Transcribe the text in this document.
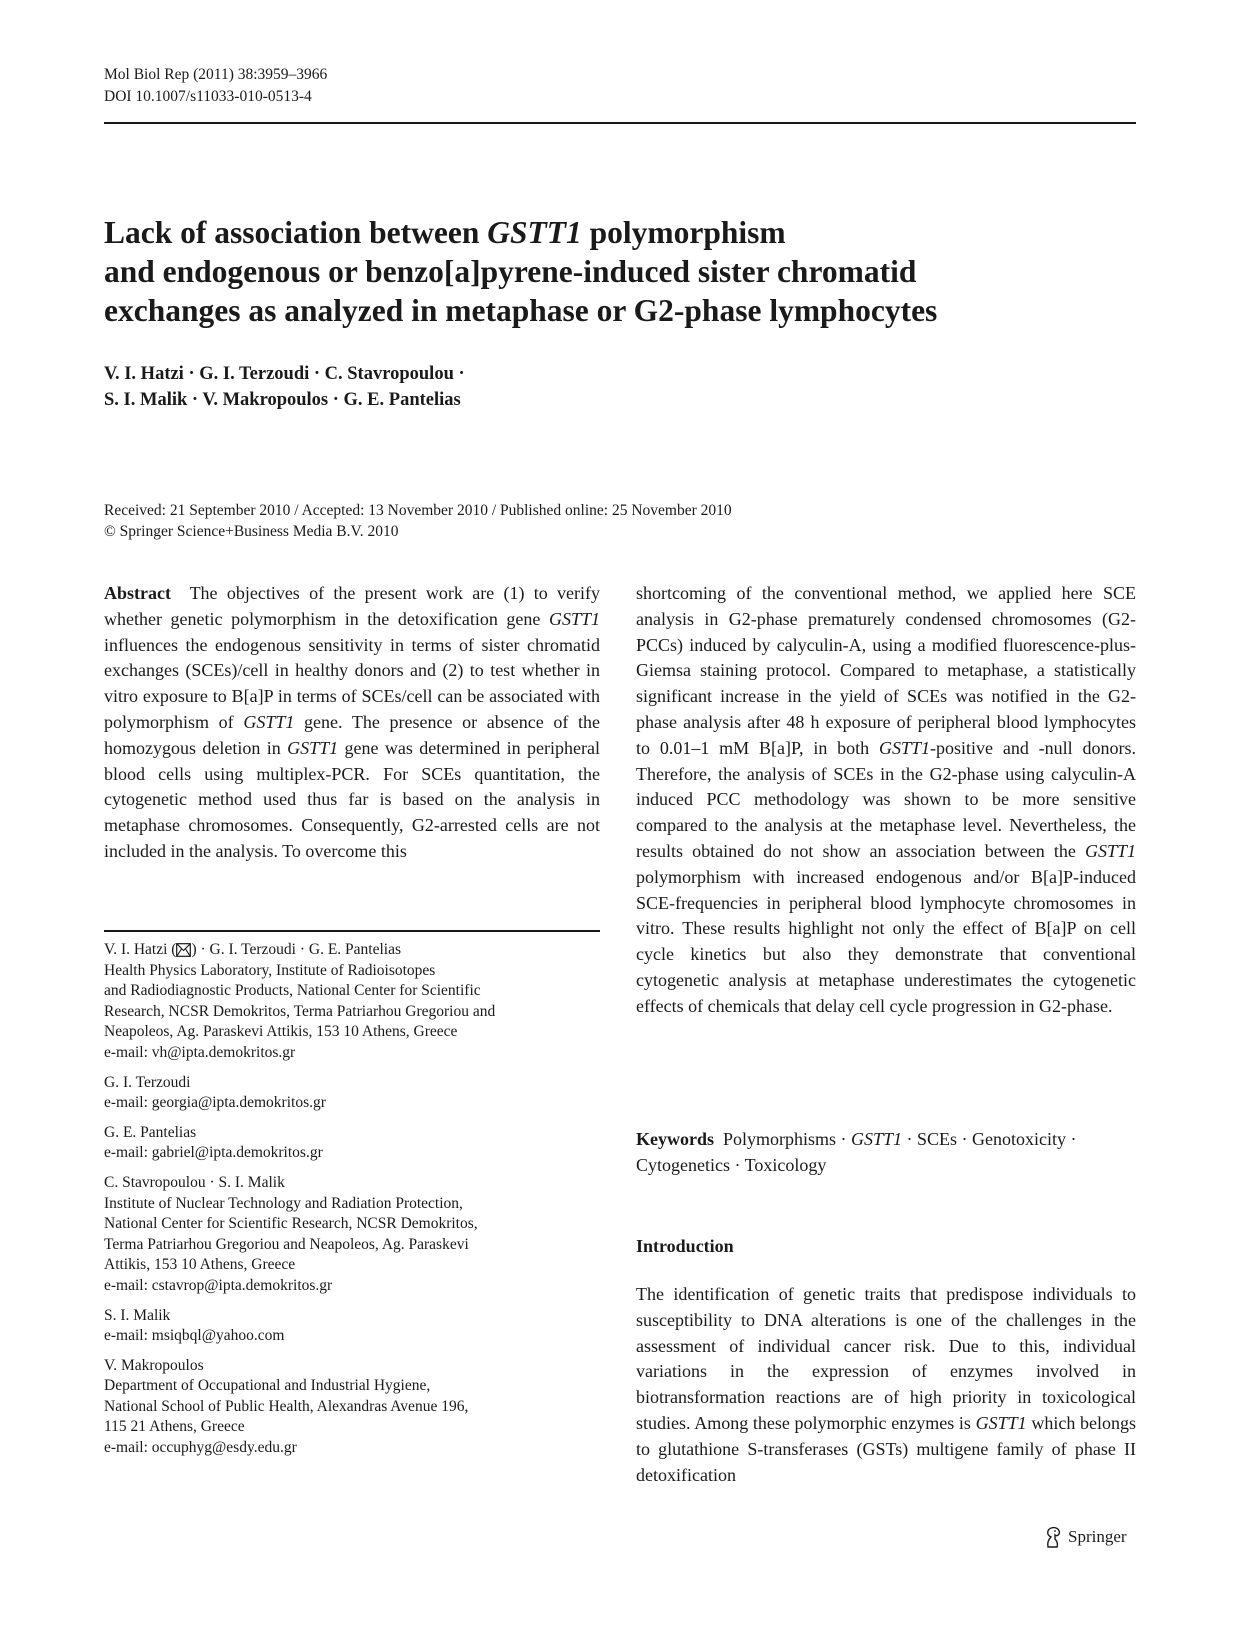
Mol Biol Rep (2011) 38:3959–3966
DOI 10.1007/s11033-010-0513-4
Lack of association between GSTT1 polymorphism
and endogenous or benzo[a]pyrene-induced sister chromatid
exchanges as analyzed in metaphase or G2-phase lymphocytes
V. I. Hatzi · G. I. Terzoudi · C. Stavropoulou ·
S. I. Malik · V. Makropoulos · G. E. Pantelias
Received: 21 September 2010 / Accepted: 13 November 2010 / Published online: 25 November 2010
© Springer Science+Business Media B.V. 2010

Abstract The objectives of the present work are (1) to verify whether genetic polymorphism in the detoxification gene GSTT1 influences the endogenous sensitivity in terms of sister chromatid exchanges (SCEs)/cell in healthy donors and (2) to test whether in vitro exposure to B[a]P in terms of SCEs/cell can be associated with polymorphism of GSTT1 gene. The presence or absence of the homozygous deletion in GSTT1 gene was determined in peripheral blood cells using multiplex-PCR. For SCEs quantitation, the cytogenetic method used thus far is based on the analysis in metaphase chromosomes. Consequently, G2-arrested cells are not included in the analysis. To overcome this

V. I. Hatzi ( ) · G. I. Terzoudi · G. E. Pantelias
Health Physics Laboratory, Institute of Radioisotopes
and Radiodiagnostic Products, National Center for Scientific
Research, NCSR Demokritos, Terma Patriarhou Gregoriou and
Neapoleos, Ag. Paraskevi Attikis, 153 10 Athens, Greece
e-mail: vh@ipta.demokritos.gr
G. I. Terzoudi
e-mail: georgia@ipta.demokritos.gr
G. E. Pantelias
e-mail: gabriel@ipta.demokritos.gr
C. Stavropoulou · S. I. Malik
Institute of Nuclear Technology and Radiation Protection,
National Center for Scientific Research, NCSR Demokritos,
Terma Patriarhou Gregoriou and Neapoleos, Ag. Paraskevi
Attikis, 153 10 Athens, Greece
e-mail: cstavrop@ipta.demokritos.gr
S. I. Malik
e-mail: msiqbql@yahoo.com
V. Makropoulos
Department of Occupational and Industrial Hygiene,
National School of Public Health, Alexandras Avenue 196,
115 21 Athens, Greece
e-mail: occuphyg@esdy.edu.gr

shortcoming of the conventional method, we applied here SCE analysis in G2-phase prematurely condensed chromosomes (G2-PCCs) induced by calyculin-A, using a modified fluorescence-plus-Giemsa staining protocol. Compared to metaphase, a statistically significant increase in the yield of SCEs was notified in the G2-phase analysis after 48 h exposure of peripheral blood lymphocytes to 0.01–1 mM B[a]P, in both GSTT1-positive and -null donors. Therefore, the analysis of SCEs in the G2-phase using calyculin-A induced PCC methodology was shown to be more sensitive compared to the analysis at the metaphase level. Nevertheless, the results obtained do not show an association between the GSTT1 polymorphism with increased endogenous and/or B[a]P-induced SCE-frequencies in peripheral blood lymphocyte chromosomes in vitro. These results highlight not only the effect of B[a]P on cell cycle kinetics but also they demonstrate that conventional cytogenetic analysis at metaphase underestimates the cytogenetic effects of chemicals that delay cell cycle progression in G2-phase.

Keywords Polymorphisms · GSTT1 · SCEs · Genotoxicity · Cytogenetics · Toxicology
Introduction

The identification of genetic traits that predispose individuals to susceptibility to DNA alterations is one of the challenges in the assessment of individual cancer risk. Due to this, individual variations in the expression of enzymes involved in biotransformation reactions are of high priority in toxicological studies. Among these polymorphic enzymes is GSTT1 which belongs to glutathione S-transferases (GSTs) multigene family of phase II detoxification

Springer
